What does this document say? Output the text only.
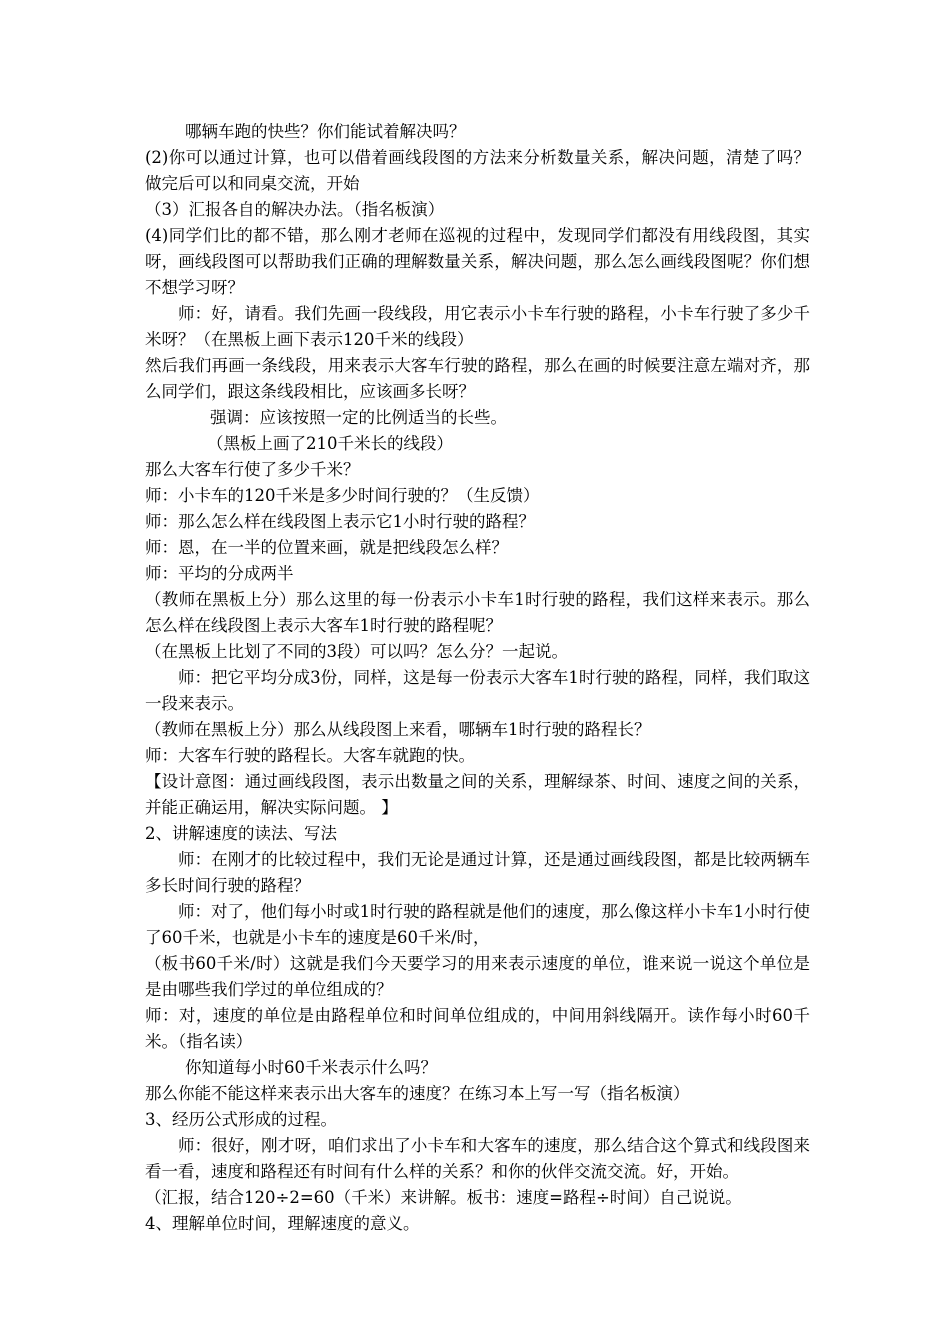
哪辆车跑的快些？你们能试着解决吗？

(2)你可以通过计算，也可以借着画线段图的方法来分析数量关系，解决问题，清楚了吗？做完后可以和同桌交流，开始

（3）汇报各自的解决办法。（指名板演）

(4)同学们比的都不错，那么刚才老师在巡视的过程中，发现同学们都没有用线段图，其实呀，画线段图可以帮助我们正确的理解数量关系，解决问题，那么怎么画线段图呢？你们想不想学习呀？

师：好，请看。我们先画一段线段，用它表示小卡车行驶的路程，小卡车行驶了多少千米呀？（在黑板上画下表示120千米的线段）

然后我们再画一条线段，用来表示大客车行驶的路程，那么在画的时候要注意左端对齐，那么同学们，跟这条线段相比，应该画多长呀？

强调：应该按照一定的比例适当的长些。

（黑板上画了210千米长的线段）

那么大客车行使了多少千米？

师：小卡车的120千米是多少时间行驶的？（生反馈）

师：那么怎么样在线段图上表示它1小时行驶的路程？

师：恩，在一半的位置来画，就是把线段怎么样？

师：平均的分成两半

（教师在黑板上分）那么这里的每一份表示小卡车1时行驶的路程，我们这样来表示。那么怎么样在线段图上表示大客车1时行驶的路程呢？

（在黑板上比划了不同的3段）可以吗？怎么分？一起说。

师：把它平均分成3份，同样，这是每一份表示大客车1时行驶的路程，同样，我们取这一段来表示。

（教师在黑板上分）那么从线段图上来看，哪辆车1时行驶的路程长？

师：大客车行驶的路程长。大客车就跑的快。

【设计意图：通过画线段图，表示出数量之间的关系，理解绿茶、时间、速度之间的关系，并能正确运用，解决实际问题。 】

2、讲解速度的读法、写法

师：在刚才的比较过程中，我们无论是通过计算，还是通过画线段图，都是比较两辆车多长时间行驶的路程？

师：对了，他们每小时或1时行驶的路程就是他们的速度，那么像这样小卡车1小时行使了60千米，也就是小卡车的速度是60千米/时，

（板书60千米/时）这就是我们今天要学习的用来表示速度的单位，谁来说一说这个单位是是由哪些我们学过的单位组成的？

师：对，速度的单位是由路程单位和时间单位组成的，中间用斜线隔开。读作每小时60千米。（指名读）

你知道每小时60千米表示什么吗？

那么你能不能这样来表示出大客车的速度？在练习本上写一写（指名板演）

3、经历公式形成的过程。

师：很好，刚才呀，咱们求出了小卡车和大客车的速度，那么结合这个算式和线段图来看一看，速度和路程还有时间有什么样的关系？和你的伙伴交流交流。好，开始。

（汇报，结合120÷2=60（千米）来讲解。板书：速度=路程÷时间）自己说说。

4、理解单位时间，理解速度的意义。
